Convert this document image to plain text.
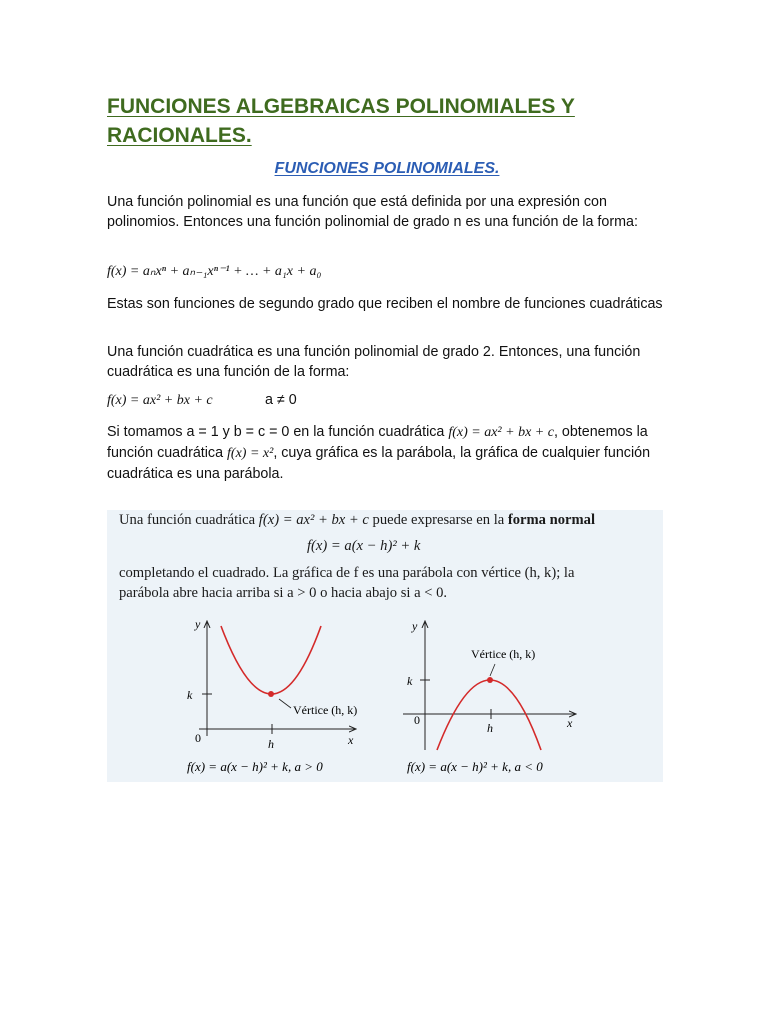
FUNCIONES ALGEBRAICAS POLINOMIALES Y RACIONALES.
FUNCIONES POLINOMIALES.

Una función polinomial es una función que está definida por una expresión con polinomios. Entonces una función polinomial de grado n es una función de la forma:

f(x) = aₙxⁿ + aₙ₋₁xⁿ⁻¹ + … + a₁x + a₀

Estas son funciones de segundo grado que reciben el nombre de funciones cuadráticas

Una función cuadrática es una función polinomial de grado 2. Entonces, una función cuadrática es una función de la forma:

f(x) = ax² + bx + c	a ≠ 0

Si tomamos a = 1 y b = c = 0 en la función cuadrática f(x) = ax² + bx + c, obtenemos la función cuadrática f(x) = x², cuya gráfica es la parábola, la gráfica de cualquier función cuadrática es una parábola.

Una función cuadrática f(x) = ax² + bx + c puede expresarse en la forma normal
f(x) = a(x − h)² + k
completando el cuadrado. La gráfica de f es una parábola con vértice (h, k); la
parábola abre hacia arriba si a > 0 o hacia abajo si a < 0.
y
x
k
h
0
Vértice (h, k)
f(x) = a(x − h)² + k, a > 0
y
x
k
h
0
Vértice (h, k)
f(x) = a(x − h)² + k, a < 0
